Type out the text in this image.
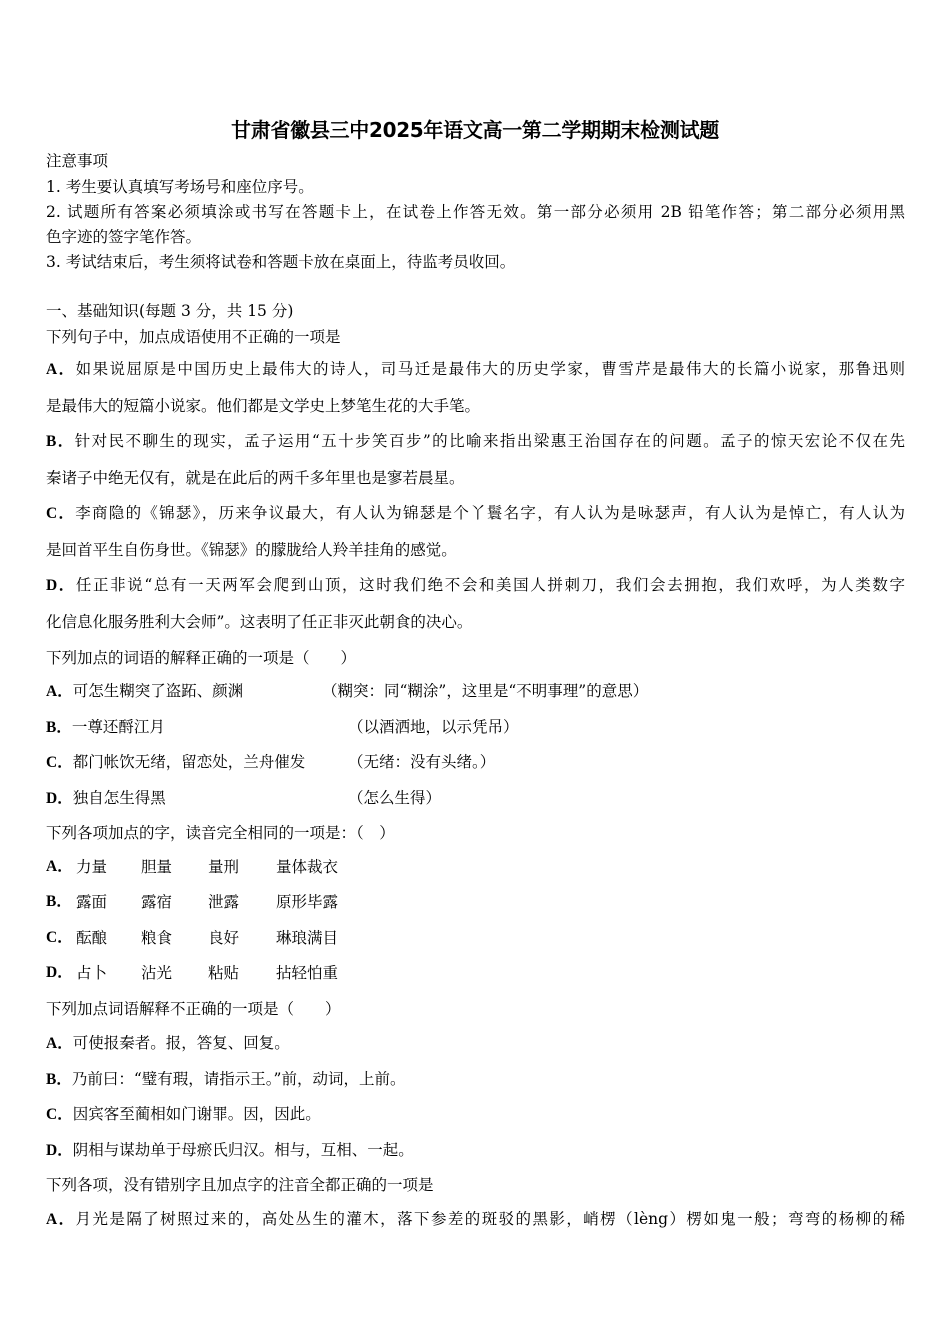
甘肃省徽县三中2025年语文高一第二学期期末检测试题
注意事项
1. 考生要认真填写考场号和座位序号。
2. 试题所有答案必须填涂或书写在答题卡上，在试卷上作答无效。第一部分必须用 2B 铅笔作答；第二部分必须用黑
色字迹的签字笔作答。
3. 考试结束后，考生须将试卷和答题卡放在桌面上，待监考员收回。
一、基础知识(每题 3 分，共 15 分)
下列句子中，加点成语使用不正确的一项是
A．如果说屈原是中国历史上最伟大的诗人，司马迁是最伟大的历史学家，曹雪芹是最伟大的长篇小说家，那鲁迅则
是最伟大的短篇小说家。他们都是文学史上梦笔生花的大手笔。
B．针对民不聊生的现实，孟子运用“五十步笑百步”的比喻来指出梁惠王治国存在的问题。孟子的惊天宏论不仅在先
秦诸子中绝无仅有，就是在此后的两千多年里也是寥若晨星。
C．李商隐的《锦瑟》，历来争议最大，有人认为锦瑟是个丫鬟名字，有人认为是咏瑟声，有人认为是悼亡，有人认为
是回首平生自伤身世。《锦瑟》的朦胧给人羚羊挂角的感觉。
D．任正非说“总有一天两军会爬到山顶，这时我们绝不会和美国人拼刺刀，我们会去拥抱，我们欢呼，为人类数字
化信息化服务胜利大会师”。这表明了任正非灭此朝食的决心。
下列加点的词语的解释正确的一项是（　　）
A．可怎生糊突了盗跖、颜渊	（糊突：同“糊涂”，这里是“不明事理”的意思）
B．一尊还酹江月	（以酒洒地，以示凭吊）
C．都门帐饮无绪，留恋处，兰舟催发	（无绪：没有头绪。）
D．独自怎生得黑	（怎么生得）
下列各项加点的字，读音完全相同的一项是：（　）
A． 力量 胆量 量刑 量体裁衣
B． 露面 露宿 泄露 原形毕露
C． 酝酿 粮食 良好 琳琅满目
D． 占卜 沾光 粘贴 拈轻怕重
下列加点词语解释不正确的一项是（　　）
A．可使报秦者。报，答复、回复。
B．乃前曰：“璧有瑕，请指示王。”前，动词，上前。
C．因宾客至蔺相如门谢罪。因，因此。
D．阴相与谋劫单于母瘀氏归汉。相与，互相、一起。
下列各项，没有错别字且加点字的注音全都正确的一项是
A．月光是隔了树照过来的，高处丛生的灌木，落下参差的斑驳的黑影，峭楞（lèng）楞如鬼一般；弯弯的杨柳的稀
